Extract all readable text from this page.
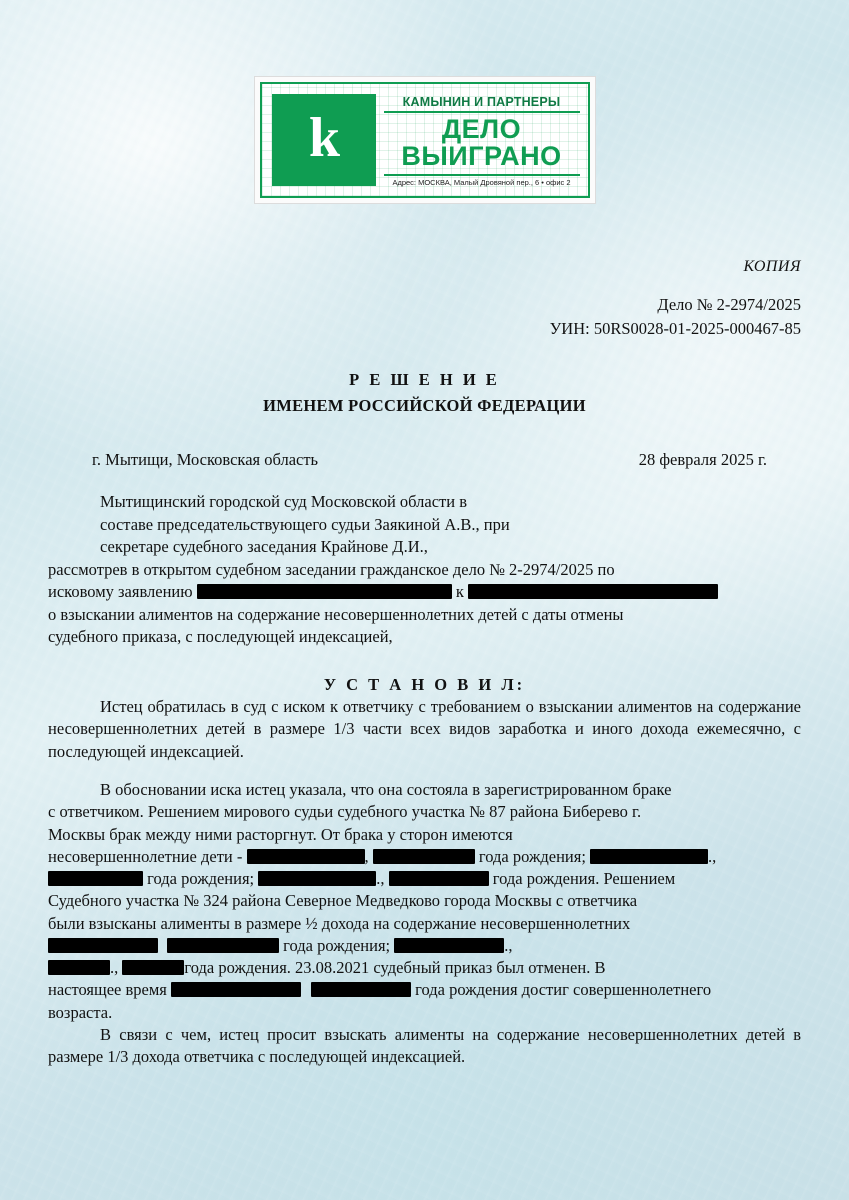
k
КАМЫНИН И ПАРТНЕРЫ
ДЕЛО
ВЫИГРАНО
Адрес: МОСКВА, Малый Дровяной пер., 6 • офис 2
КОПИЯ
Дело № 2-2974/2025
УИН: 50RS0028-01-2025-000467-85
Р Е Ш Е Н И Е
ИМЕНЕМ РОССИЙСКОЙ ФЕДЕРАЦИИ
г. Мытищи, Московская область	28 февраля 2025 г.
Мытищинский городской суд Московской области в
составе председательствующего судьи Заякиной А.В., при
секретаре судебного заседания Крайнове Д.И.,

рассмотрев в открытом судебном заседании гражданское дело № 2-2974/2025 по

исковому заявлению	к

о взыскании алиментов на содержание несовершеннолетних детей с даты отмены

судебного приказа, с последующей индексацией,

У С Т А Н О В И Л:

Истец обратилась в суд с иском к ответчику с требованием о взыскании алиментов на содержание несовершеннолетних детей в размере 1/3 части всех видов заработка и иного дохода ежемесячно, с последующей индексацией.

В обосновании иска истец указала, что она состояла в зарегистрированном браке

с ответчиком. Решением мирового судьи судебного участка № 87 района Биберево г.

Москвы брак между ними расторгнут. От брака у сторон имеются

несовершеннолетние дети -	,	года рождения;	.,

года рождения;	.,	года рождения. Решением

Судебного участка № 324 района Северное Медведково города Москвы с ответчика

были взысканы алименты в размере ½ дохода на содержание несовершеннолетних

года рождения;	.,

.,	года рождения. 23.08.2021 судебный приказ был отменен. В

настоящее время	года рождения достиг совершеннолетнего

возраста.

В связи с чем, истец просит взыскать алименты на содержание несовершеннолетних детей в размере 1/3 дохода ответчика с последующей индексацией.
